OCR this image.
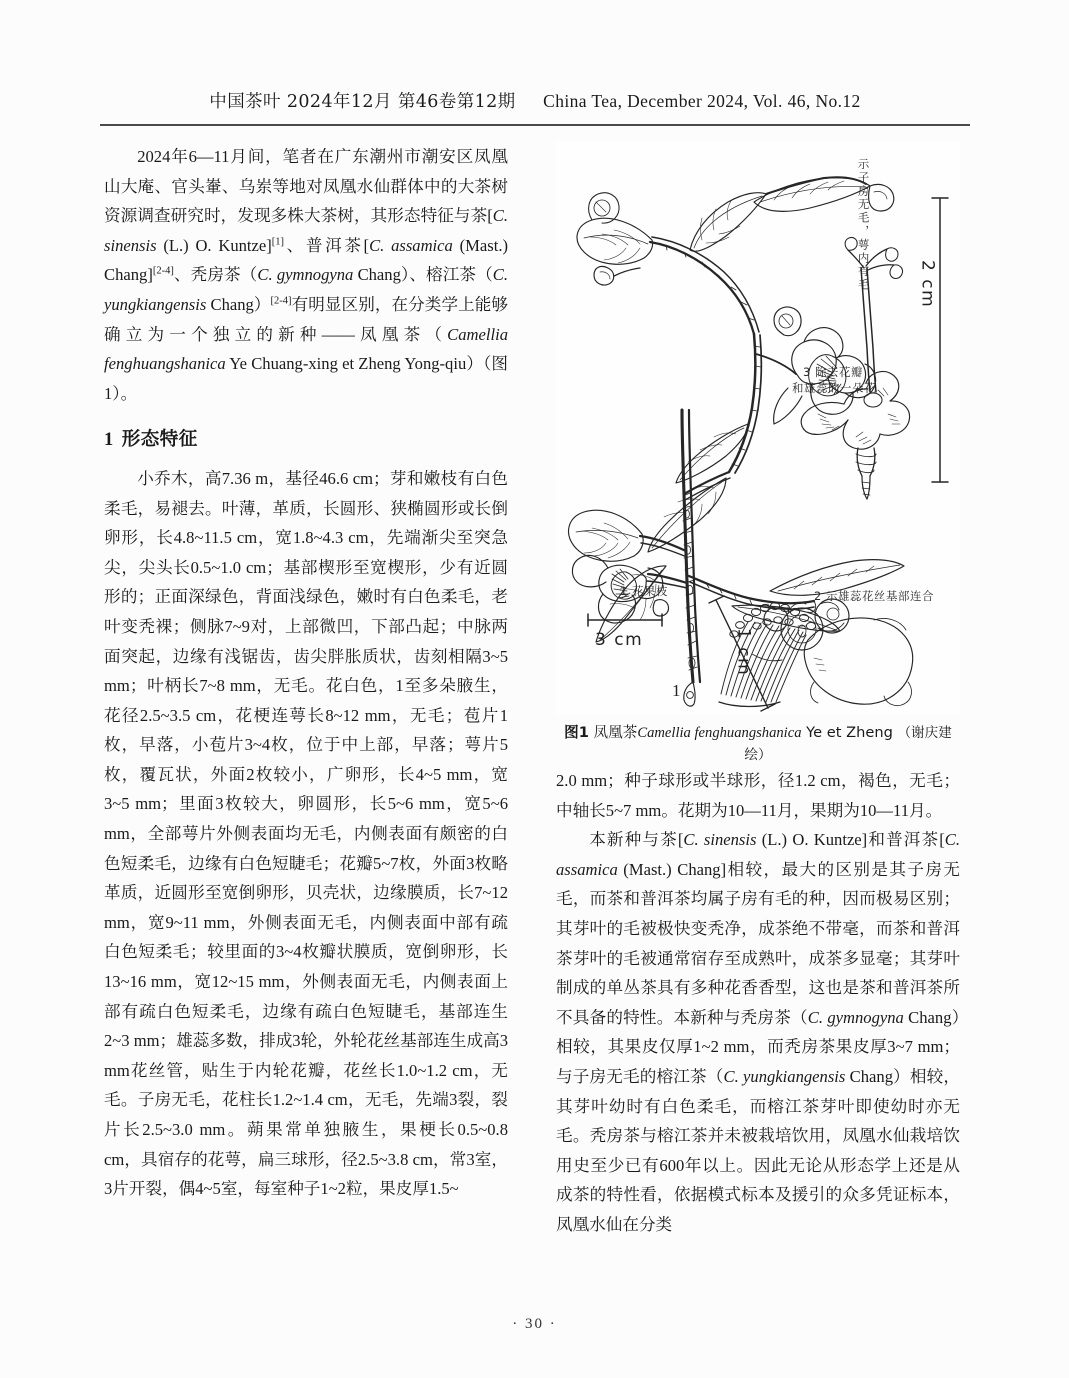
中国茶叶 2024年12月 第46卷第12期 China Tea, December 2024, Vol. 46, No.12

2024年6—11月间，笔者在广东潮州市潮安区凤凰山大庵、官头輋、乌岽等地对凤凰水仙群体中的大茶树资源调查研究时，发现多株大茶树，其形态特征与茶[C. sinensis (L.) O. Kuntze][1]、普洱茶[C. assamica (Mast.) Chang][2-4]、秃房茶（C. gymnogyna Chang）、榕江茶（C. yungkiangensis Chang）[2-4]有明显区别，在分类学上能够确立为一个独立的新种——凤凰茶（Camellia fenghuangshanica Ye Chuang-xing et Zheng Yong-qiu）（图1）。

1 形态特征

小乔木，高7.36 m，基径46.6 cm；芽和嫩枝有白色柔毛，易褪去。叶薄，革质，长圆形、狭椭圆形或长倒卵形，长4.8~11.5 cm，宽1.8~4.3 cm，先端渐尖至突急尖，尖头长0.5~1.0 cm；基部楔形至宽楔形，少有近圆形的；正面深绿色，背面浅绿色，嫩时有白色柔毛，老叶变秃裸；侧脉7~9对，上部微凹，下部凸起；中脉两面突起，边缘有浅锯齿，齿尖胖胀质状，齿刻相隔3~5 mm；叶柄长7~8 mm，无毛。花白色，1至多朵腋生，花径2.5~3.5 cm，花梗连萼长8~12 mm，无毛；苞片1枚，早落，小苞片3~4枚，位于中上部，早落；萼片5枚，覆瓦状，外面2枚较小，广卵形，长4~5 mm，宽3~5 mm；里面3枚较大，卵圆形，长5~6 mm，宽5~6 mm，全部萼片外侧表面均无毛，内侧表面有颇密的白色短柔毛，边缘有白色短睫毛；花瓣5~7枚，外面3枚略革质，近圆形至宽倒卵形，贝壳状，边缘膜质，长7~12 mm，宽9~11 mm，外侧表面无毛，内侧表面中部有疏白色短柔毛；较里面的3~4枚瓣状膜质，宽倒卵形，长13~16 mm，宽12~15 mm，外侧表面无毛，内侧表面上部有疏白色短柔毛，边缘有疏白色短睫毛，基部连生2~3 mm；雄蕊多数，排成3轮，外轮花丝基部连生成高3 mm花丝管，贴生于内轮花瓣，花丝长1.0~1.2 cm，无毛。子房无毛，花柱长1.2~1.4 cm，无毛，先端3裂，裂片长2.5~3.0 mm。蒴果常单独腋生，果梗长0.5~0.8 cm，具宿存的花萼，扁三球形，径2.5~3.8 cm，常3室，3片开裂，偶4~5室，每室种子1~2粒，果皮厚1.5~

示子房无毛，萼内有毛
3 除去花瓣
和雄蕊的一朵花
1 花果枝	2 示雄蕊花丝基部连合
3 cm	1 cm
2 cm
1

图1 凤凰茶Camellia fenghuangshanica Ye et Zheng （谢庆建绘）

2.0 mm；种子球形或半球形，径1.2 cm，褐色，无毛；中轴长5~7 mm。花期为10—11月，果期为10—11月。

本新种与茶[C. sinensis (L.) O. Kuntze]和普洱茶[C. assamica (Mast.) Chang]相较，最大的区别是其子房无毛，而茶和普洱茶均属子房有毛的种，因而极易区别；其芽叶的毛被极快变秃净，成茶绝不带毫，而茶和普洱茶芽叶的毛被通常宿存至成熟叶，成茶多显毫；其芽叶制成的单丛茶具有多种花香香型，这也是茶和普洱茶所不具备的特性。本新种与秃房茶（C. gymnogyna Chang）相较，其果皮仅厚1~2 mm，而秃房茶果皮厚3~7 mm；与子房无毛的榕江茶（C. yungkiangensis Chang）相较，其芽叶幼时有白色柔毛，而榕江茶芽叶即使幼时亦无毛。秃房茶与榕江茶并未被栽培饮用，凤凰水仙栽培饮用史至少已有600年以上。因此无论从形态学上还是从成茶的特性看，依据模式标本及援引的众多凭证标本，凤凰水仙在分类

· 30 ·
